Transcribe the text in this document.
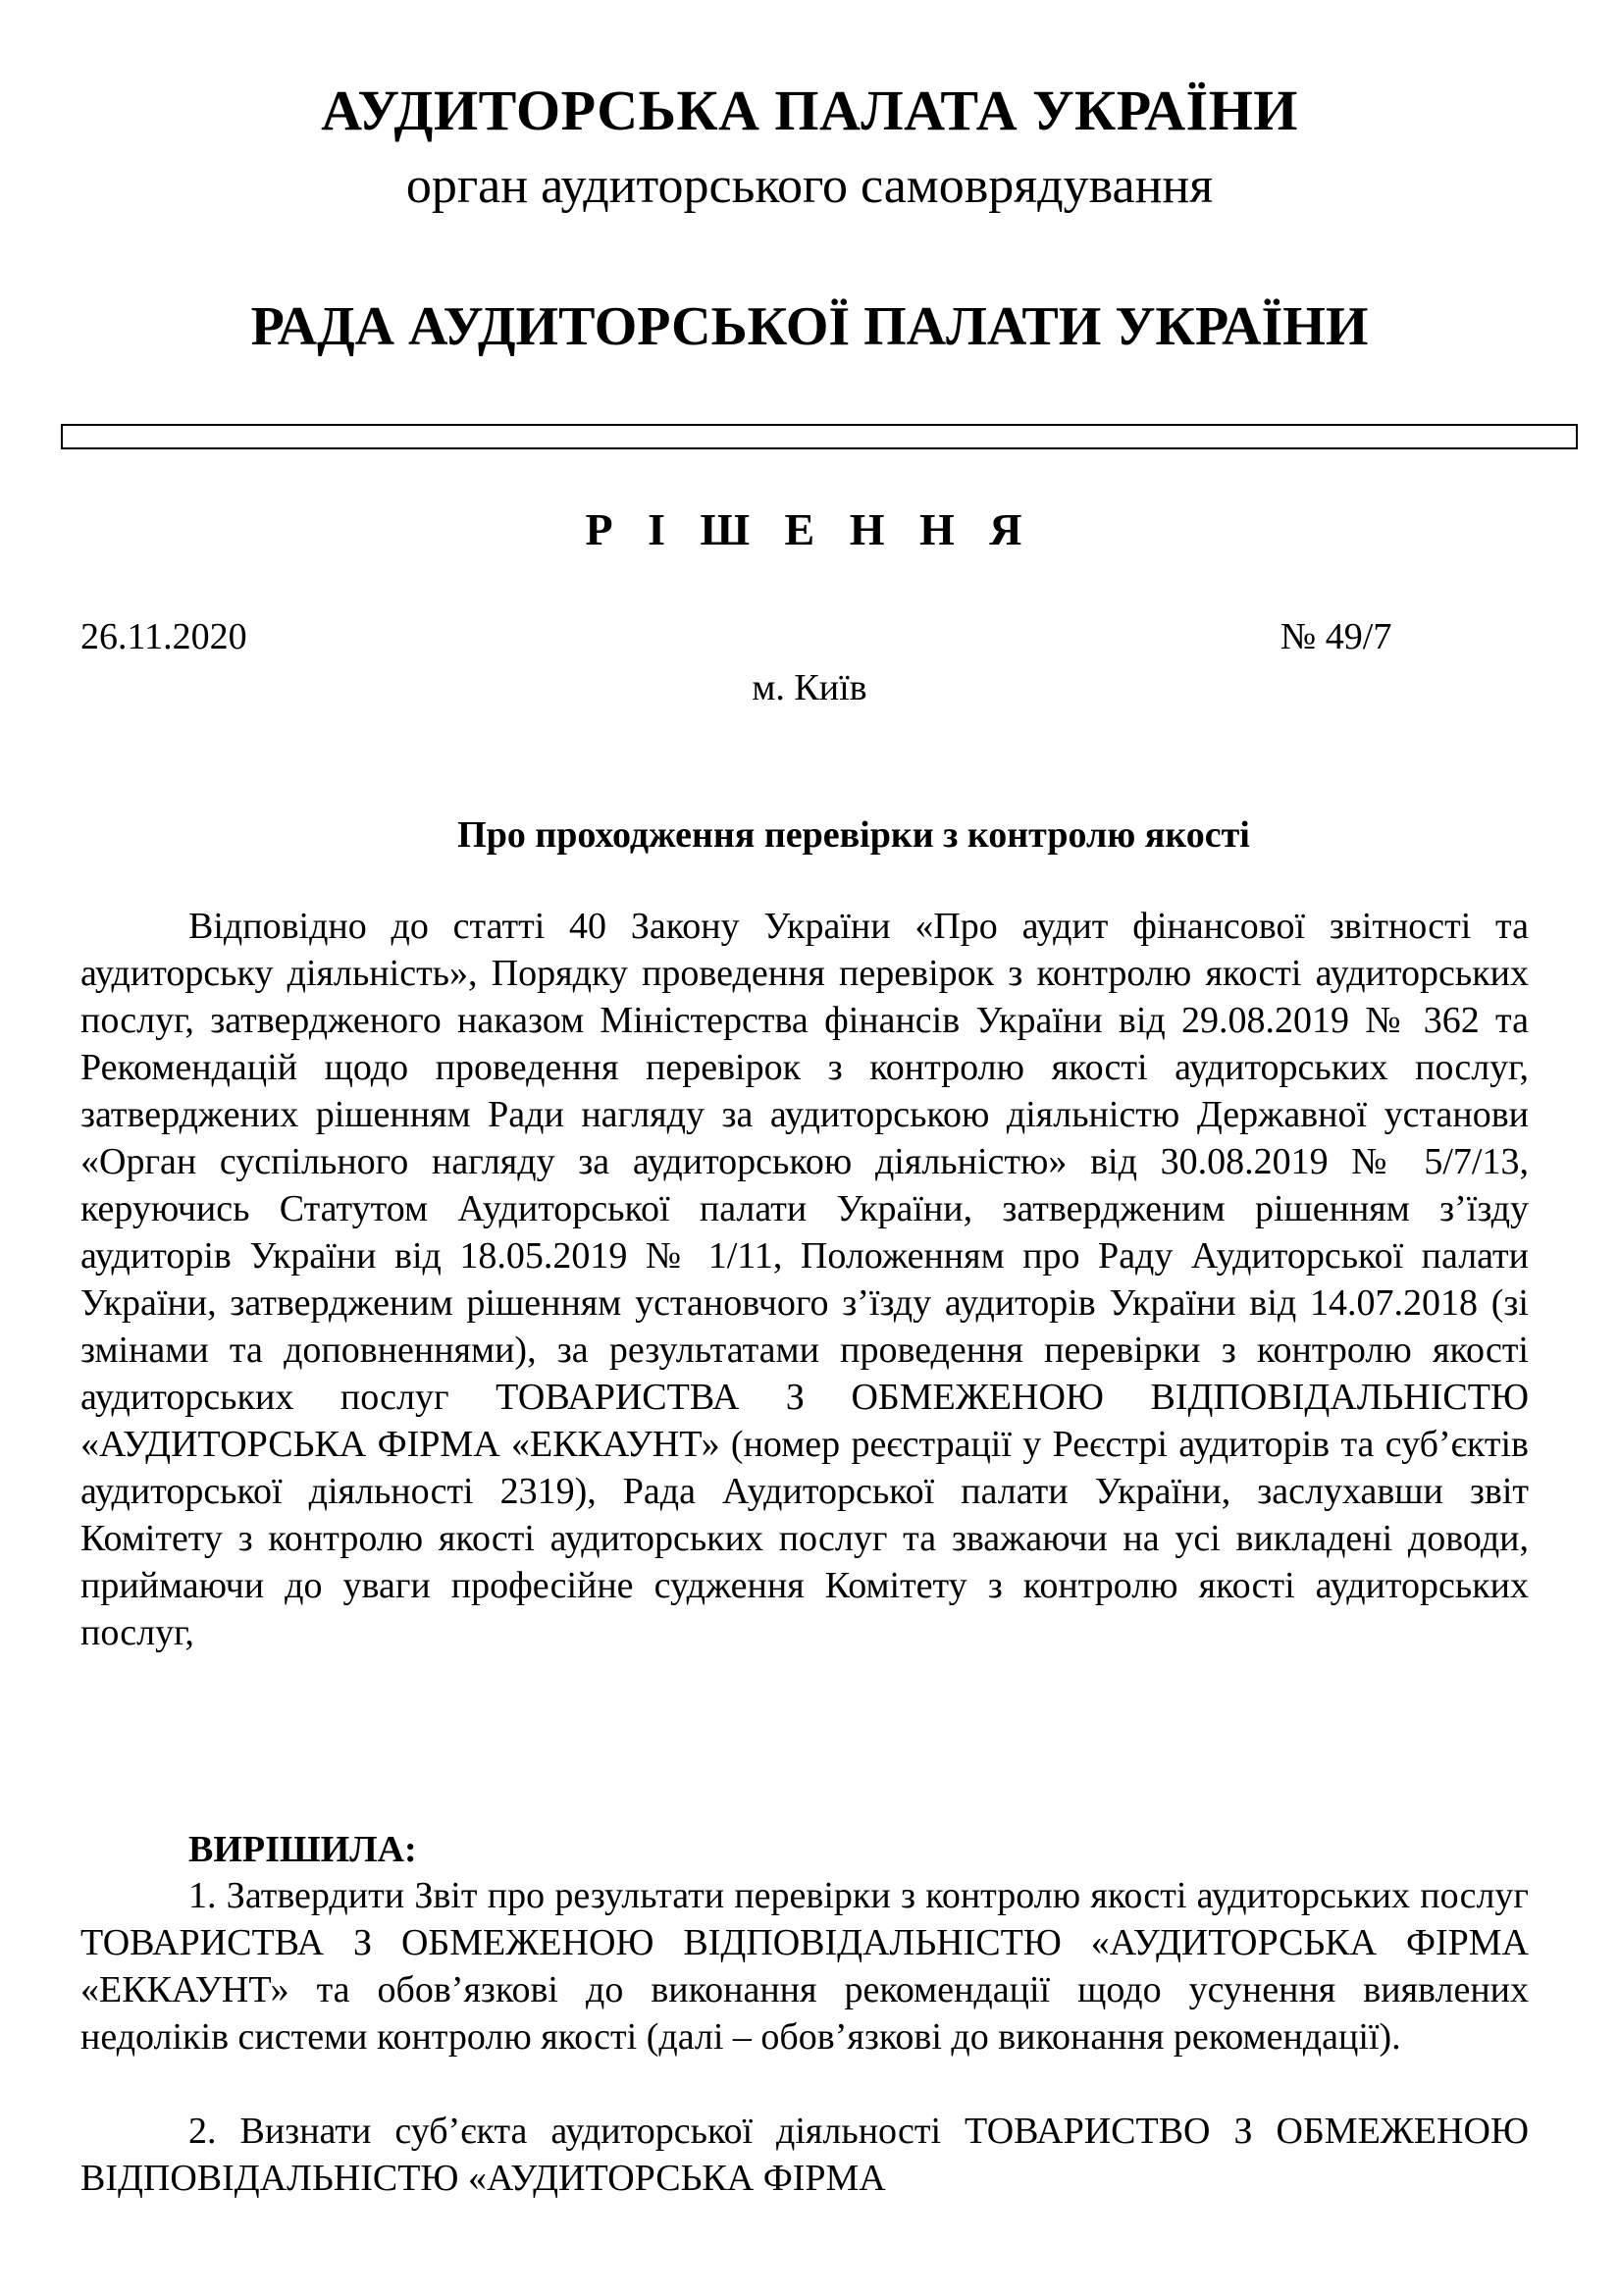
АУДИТОРСЬКА ПАЛАТА УКРАЇНИ
орган аудиторського самоврядування
РАДА АУДИТОРСЬКОЇ ПАЛАТИ УКРАЇНИ
Р І Ш Е Н Н Я
26.11.2020	№ 49/7
м. Київ
Про проходження перевірки з контролю якості
Відповідно до статті 40 Закону України «Про аудит фінансової звітності та аудиторську діяльність», Порядку проведення перевірок з контролю якості аудиторських послуг, затвердженого наказом Міністерства фінансів України від 29.08.2019 № 362 та Рекомендацій щодо проведення перевірок з контролю якості аудиторських послуг, затверджених рішенням Ради нагляду за аудиторською діяльністю Державної установи «Орган суспільного нагляду за аудиторською діяльністю» від 30.08.2019 № 5/7/13, керуючись Статутом Аудиторської палати України, затвердженим рішенням з’їзду аудиторів України від 18.05.2019 № 1/11, Положенням про Раду Аудиторської палати України, затвердженим рішенням установчого з’їзду аудиторів України від 14.07.2018 (зі змінами та доповненнями), за результатами проведення перевірки з контролю якості аудиторських послуг ТОВАРИСТВА З ОБМЕЖЕНОЮ ВІДПОВІДАЛЬНІСТЮ «АУДИТОРСЬКА ФІРМА «ЕККАУНТ» (номер реєстрації у Реєстрі аудиторів та суб’єктів аудиторської діяльності 2319), Рада Аудиторської палати України, заслухавши звіт Комітету з контролю якості аудиторських послуг та зважаючи на усі викладені доводи, приймаючи до уваги професійне судження Комітету з контролю якості аудиторських послуг,
ВИРІШИЛА:
1. Затвердити Звіт про результати перевірки з контролю якості аудиторських послуг ТОВАРИСТВА З ОБМЕЖЕНОЮ ВІДПОВІДАЛЬНІСТЮ «АУДИТОРСЬКА ФІРМА «ЕККАУНТ» та обов’язкові до виконання рекомендації щодо усунення виявлених недоліків системи контролю якості (далі – обов’язкові до виконання рекомендації).
2. Визнати суб’єкта аудиторської діяльності ТОВАРИСТВО З ОБМЕЖЕНОЮ ВІДПОВІДАЛЬНІСТЮ «АУДИТОРСЬКА ФІРМА
